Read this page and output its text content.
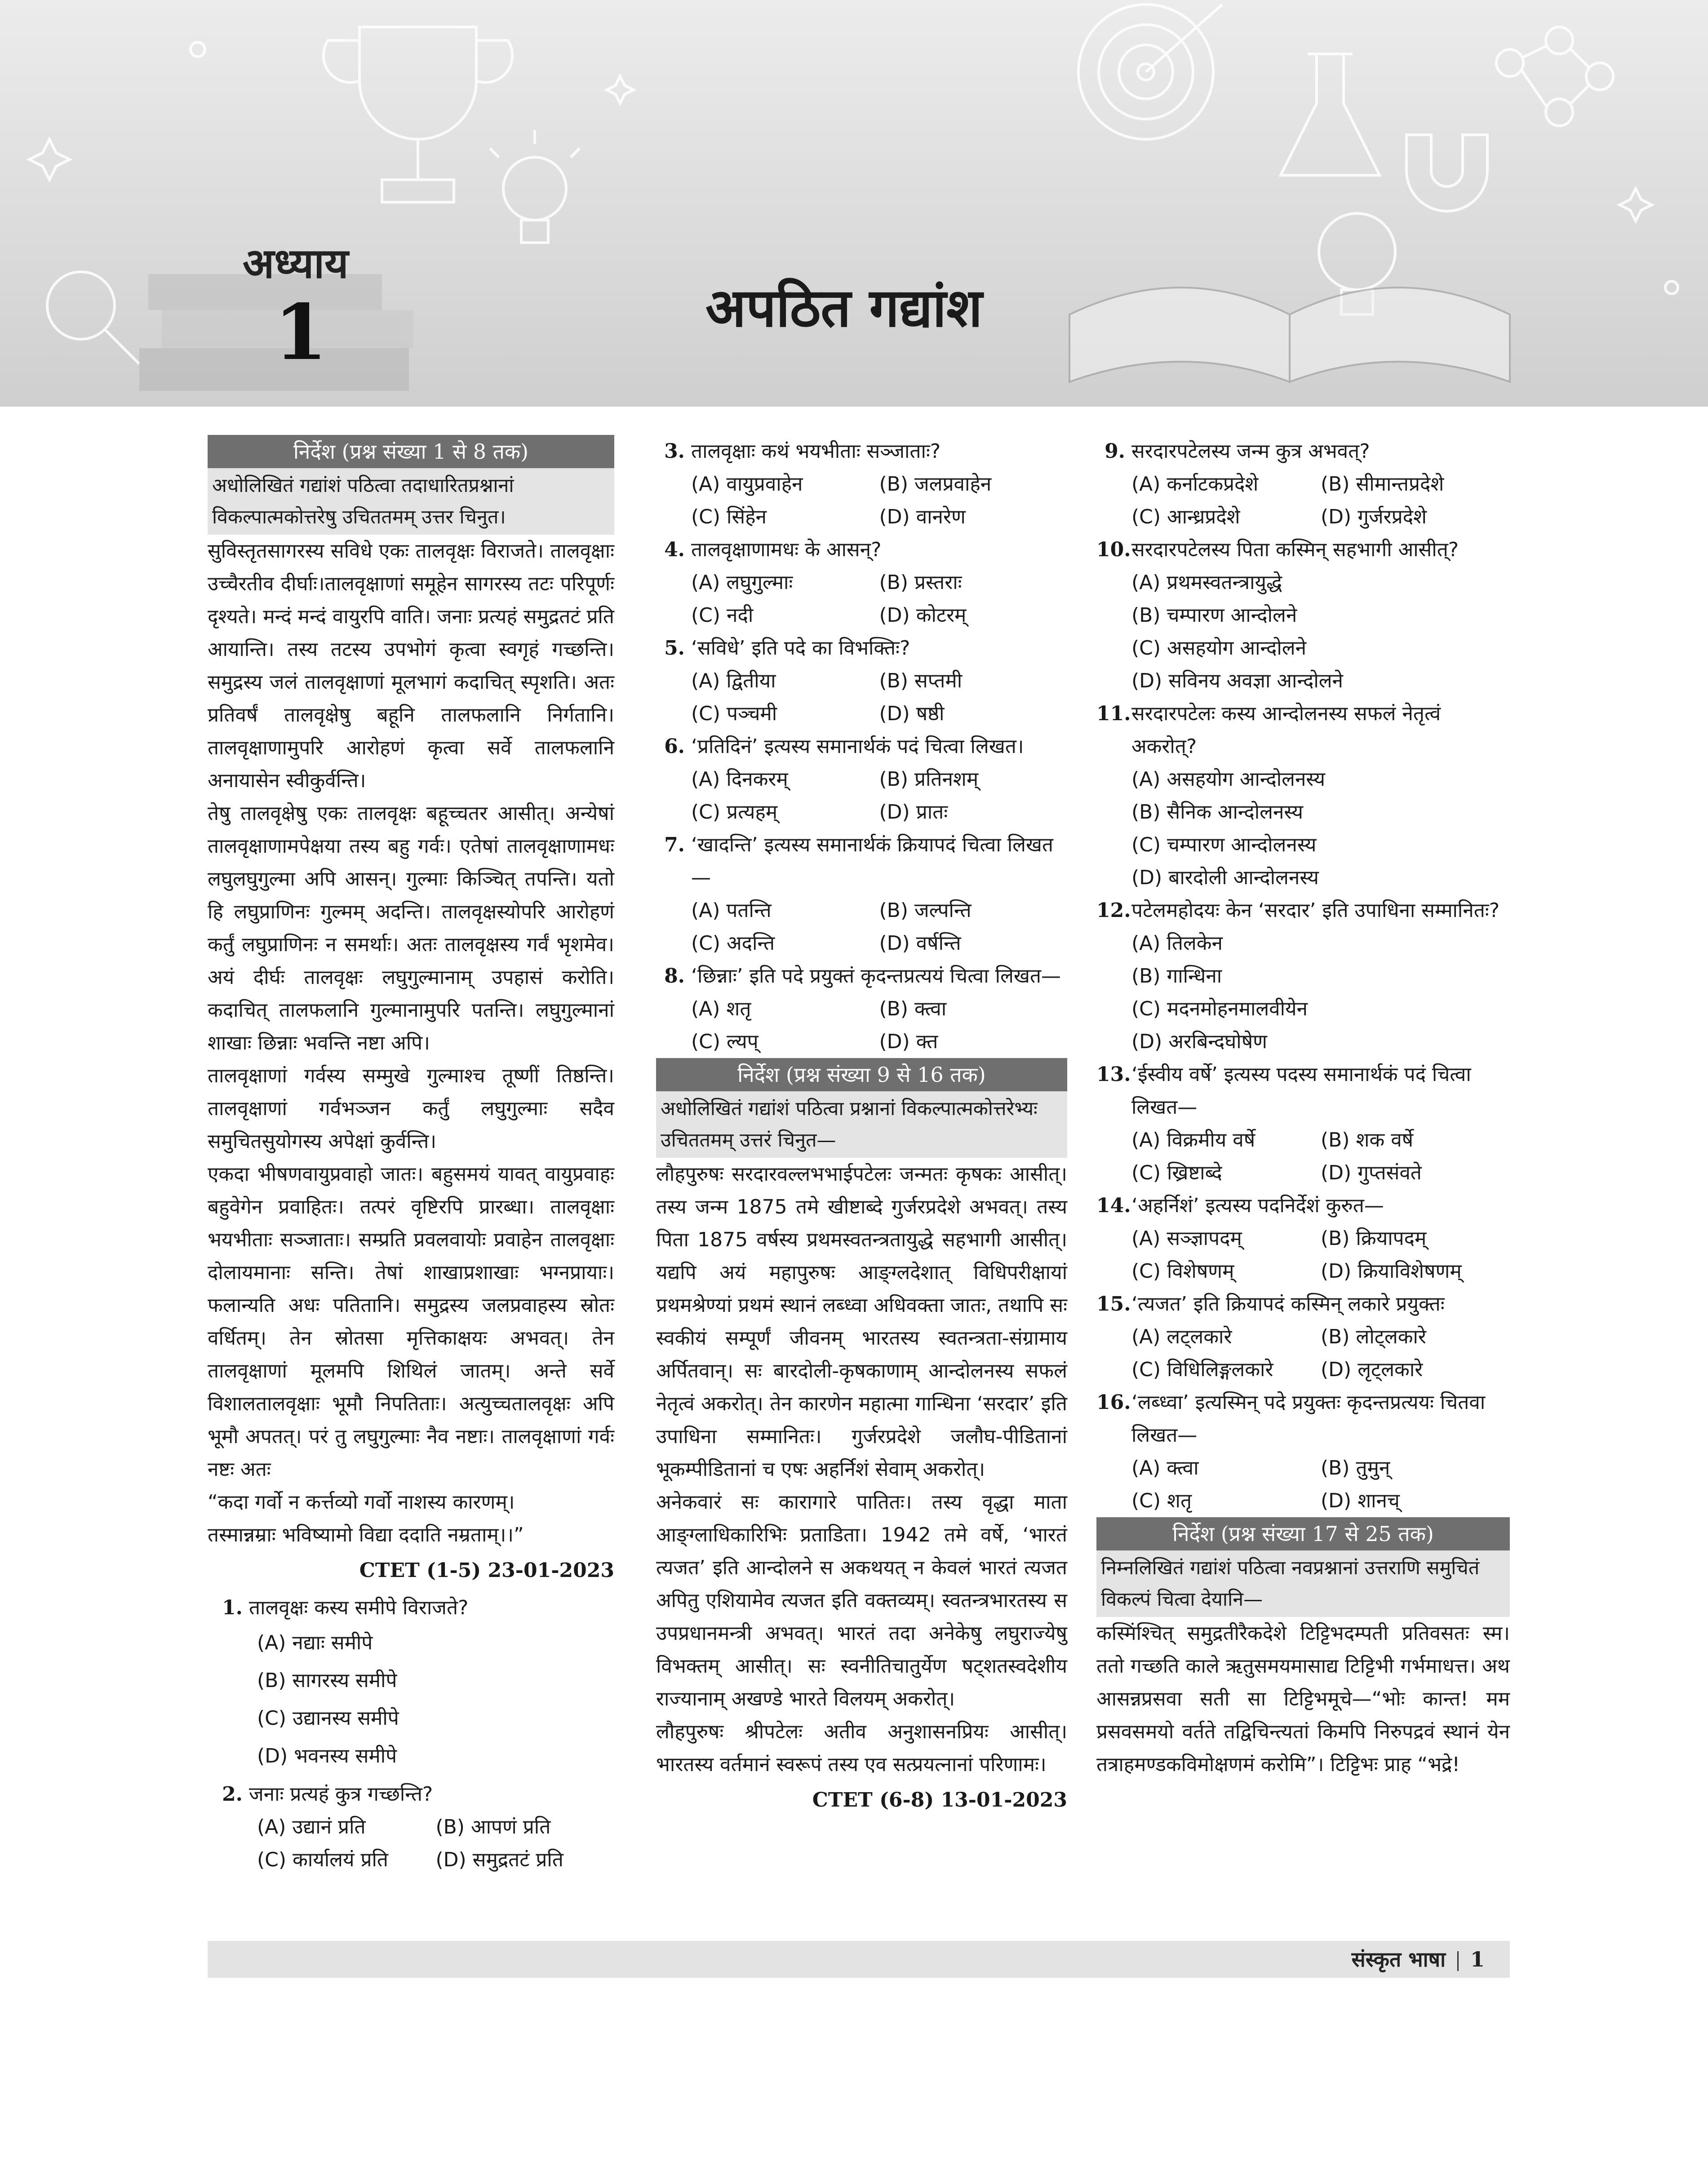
अध्याय
1	अपठित गद्यांश
निर्देश (प्रश्न संख्या 1 से 8 तक)
अधोलिखितं गद्यांशं पठित्वा तदाधारितप्रश्नानां विकल्पात्मकोत्तरेषु उचिततमम् उत्तर चिनुत।

सुविस्तृतसागरस्य सविधे एकः तालवृक्षः विराजते। तालवृक्षाः उच्चैरतीव दीर्घाः।तालवृक्षाणां समूहेन सागरस्य तटः परिपूर्णः दृश्यते। मन्दं मन्दं वायुरपि वाति। जनाः प्रत्यहं समुद्रतटं प्रति आयान्ति। तस्य तटस्य उपभोगं कृत्वा स्वगृहं गच्छन्ति। समुद्रस्य जलं तालवृक्षाणां मूलभागं कदाचित् स्पृशति। अतः प्रतिवर्षं तालवृक्षेषु बहूनि तालफलानि निर्गतानि। तालवृक्षाणामुपरि आरोहणं कृत्वा सर्वे तालफलानि अनायासेन स्वीकुर्वन्ति।

तेषु तालवृक्षेषु एकः तालवृक्षः बहूच्चतर आसीत्। अन्येषां तालवृक्षाणामपेक्षया तस्य बहु गर्वः। एतेषां तालवृक्षाणामधः लघुलघुगुल्मा अपि आसन्। गुल्माः किञ्चित् तपन्ति। यतो हि लघुप्राणिनः गुल्मम् अदन्ति। तालवृक्षस्योपरि आरोहणं कर्तुं लघुप्राणिनः न समर्थाः। अतः तालवृक्षस्य गर्वं भृशमेव। अयं दीर्घः तालवृक्षः लघुगुल्मानाम् उपहासं करोति। कदाचित् तालफलानि गुल्मानामुपरि पतन्ति। लघुगुल्मानां शाखाः छिन्नाः भवन्ति नष्टा अपि।

तालवृक्षाणां गर्वस्य सम्मुखे गुल्माश्च तूष्णीं तिष्ठन्ति। तालवृक्षाणां गर्वभञ्जन कर्तुं लघुगुल्माः सदैव समुचितसुयोगस्य अपेक्षां कुर्वन्ति।

एकदा भीषणवायुप्रवाहो जातः। बहुसमयं यावत् वायुप्रवाहः बहुवेगेन प्रवाहितः। तत्परं वृष्टिरपि प्रारब्धा। तालवृक्षाः भयभीताः सञ्जाताः। सम्प्रति प्रवलवायोः प्रवाहेन तालवृक्षाः दोलायमानाः सन्ति। तेषां शाखाप्रशाखाः भग्नप्रायाः। फलान्यति अधः पतितानि। समुद्रस्य जलप्रवाहस्य स्रोतः वर्धितम्। तेन स्रोतसा मृत्तिकाक्षयः अभवत्। तेन तालवृक्षाणां मूलमपि शिथिलं जातम्। अन्ते सर्वे विशालतालवृक्षाः भूमौ निपतिताः। अत्युच्चतालवृक्षः अपि भूमौ अपतत्। परं तु लघुगुल्माः नैव नष्टाः। तालवृक्षाणां गर्वः नष्टः अतः

“कदा गर्वो न कर्त्तव्यो गर्वो नाशस्य कारणम्।

तस्मान्नम्राः भविष्यामो विद्या ददाति नम्रताम्।।”

CTET (1-5) 23-01-2023
1. तालवृक्षः कस्य समीपे विराजते?
(A) नद्याः समीपे
(B) सागरस्य समीपे
(C) उद्यानस्य समीपे
(D) भवनस्य समीपे
2. जनाः प्रत्यहं कुत्र गच्छन्ति?
(A) उद्यानं प्रति	(B) आपणं प्रति
(C) कार्यालयं प्रति	(D) समुद्रतटं प्रति
3. तालवृक्षाः कथं भयभीताः सञ्जाताः?
(A) वायुप्रवाहेन	(B) जलप्रवाहेन
(C) सिंहेन	(D) वानरेण
4. तालवृक्षाणामधः के आसन्?
(A) लघुगुल्माः	(B) प्रस्तराः
(C) नदी	(D) कोटरम्
5. ‘सविधे’ इति पदे का विभक्तिः?
(A) द्वितीया	(B) सप्तमी
(C) पञ्चमी	(D) षष्ठी
6. ‘प्रतिदिनं’ इत्यस्य समानार्थकं पदं चित्वा लिखत।
(A) दिनकरम्	(B) प्रतिनशम्
(C) प्रत्यहम्	(D) प्रातः
7. ‘खादन्ति’ इत्यस्य समानार्थकं क्रियापदं चित्वा लिखत—
(A) पतन्ति	(B) जल्पन्ति
(C) अदन्ति	(D) वर्षन्ति
8. ‘छिन्नाः’ इति पदे प्रयुक्तं कृदन्तप्रत्ययं चित्वा लिखत—
(A) शतृ	(B) क्त्वा
(C) ल्यप्	(D) क्त
निर्देश (प्रश्न संख्या 9 से 16 तक)
अधोलिखितं गद्यांशं पठित्वा प्रश्नानां विकल्पात्मकोत्तरेभ्यः उचिततमम् उत्तरं चिनुत—

लौहपुरुषः सरदारवल्लभभाईपटेलः जन्मतः कृषकः आसीत्। तस्य जन्म 1875 तमे खीष्टाब्दे गुर्जरप्रदेशे अभवत्। तस्य पिता 1875 वर्षस्य प्रथमस्वतन्त्रतायुद्धे सहभागी आसीत्। यद्यपि अयं महापुरुषः आङ्ग्लदेशात् विधिपरीक्षायां प्रथमश्रेण्यां प्रथमं स्थानं लब्ध्वा अधिवक्ता जातः, तथापि सः स्वकीयं सम्पूर्णं जीवनम् भारतस्य स्वतन्त्रता-संग्रामाय अर्पितवान्। सः बारदोली-कृषकाणाम् आन्दोलनस्य सफलं नेतृत्वं अकरोत्। तेन कारणेन महात्मा गान्धिना ‘सरदार’ इति उपाधिना सम्मानितः। गुर्जरप्रदेशे जलौघ-पीडितानां भूकम्पीडितानां च एषः अहर्निशं सेवाम् अकरोत्।

अनेकवारं सः कारागारे पातितः। तस्य वृद्धा माता आङ्ग्लाधिकारिभिः प्रताडिता। 1942 तमे वर्षे, ‘भारतं त्यजत’ इति आन्दोलने स अकथयत् न केवलं भारतं त्यजत अपितु एशियामेव त्यजत इति वक्तव्यम्। स्वतन्त्रभारतस्य स उपप्रधानमन्त्री अभवत्। भारतं तदा अनेकेषु लघुराज्येषु विभक्तम् आसीत्। सः स्वनीतिचातुर्येण षट्शतस्वदेशीय राज्यानाम् अखण्डे भारते विलयम् अकरोत्।

लौहपुरुषः श्रीपटेलः अतीव अनुशासनप्रियः आसीत्। भारतस्य वर्तमानं स्वरूपं तस्य एव सत्प्रयत्नानां परिणामः।

CTET (6-8) 13-01-2023
9. सरदारपटेलस्य जन्म कुत्र अभवत्?
(A) कर्नाटकप्रदेशे	(B) सीमान्तप्रदेशे
(C) आन्ध्रप्रदेशे	(D) गुर्जरप्रदेशे
10. सरदारपटेलस्य पिता कस्मिन् सहभागी आसीत्?
(A) प्रथमस्वतन्त्रायुद्धे
(B) चम्पारण आन्दोलने
(C) असहयोग आन्दोलने
(D) सविनय अवज्ञा आन्दोलने
11. सरदारपटेलः कस्य आन्दोलनस्य सफलं नेतृत्वं अकरोत्?
(A) असहयोग आन्दोलनस्य
(B) सैनिक आन्दोलनस्य
(C) चम्पारण आन्दोलनस्य
(D) बारदोली आन्दोलनस्य
12. पटेलमहोदयः केन ‘सरदार’ इति उपाधिना सम्मानितः?
(A) तिलकेन
(B) गान्धिना
(C) मदनमोहनमालवीयेन
(D) अरबिन्दघोषेण
13. ‘ईस्वीय वर्षे’ इत्यस्य पदस्य समानार्थकं पदं चित्वा लिखत—
(A) विक्रमीय वर्षे	(B) शक वर्षे
(C) ख्रिष्टाब्दे	(D) गुप्तसंवते
14. ‘अहर्निशं’ इत्यस्य पदनिर्देशं कुरुत—
(A) सञ्ज्ञापदम्	(B) क्रियापदम्
(C) विशेषणम्	(D) क्रियाविशेषणम्
15. ‘त्यजत’ इति क्रियापदं कस्मिन् लकारे प्रयुक्तः
(A) लट्लकारे	(B) लोट्लकारे
(C) विधिलिङ्गलकारे	(D) लृट्लकारे
16. ‘लब्ध्वा’ इत्यस्मिन् पदे प्रयुक्तः कृदन्तप्रत्ययः चितवा लिखत—
(A) क्त्वा	(B) तुमुन्
(C) शतृ	(D) शानच्
निर्देश (प्रश्न संख्या 17 से 25 तक)
निम्नलिखितं गद्यांशं पठित्वा नवप्रश्नानां उत्तराणि समुचितं विकल्पं चित्वा देयानि—

कस्मिंश्चित् समुद्रतीरैकदेशे टिट्टिभदम्पती प्रतिवसतः स्म। ततो गच्छति काले ऋतुसमयमासाद्य टिट्टिभी गर्भमाधत्त। अथ आसन्नप्रसवा सती सा टिट्टिभमूचे—“भोः कान्त! मम प्रसवसमयो वर्तते तद्विचिन्त्यतां किमपि निरुपद्रवं स्थानं येन तत्राहमण्डकविमोक्षणमं करोमि”। टिट्टिभः प्राह “भद्रे!

संस्कृत भाषा 1
